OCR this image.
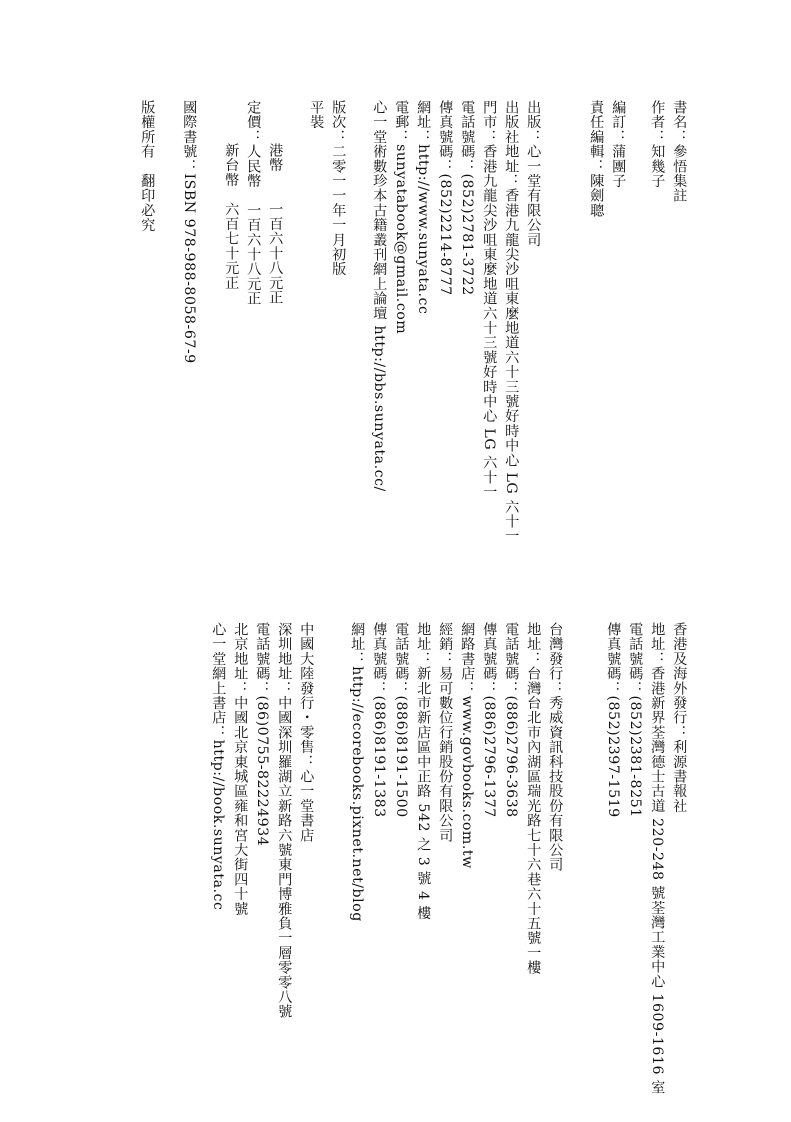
書名：參悟集註
作者：知幾子
編訂：蒲團子
責任編輯：陳劍聰
出版：心一堂有限公司
出版社地址：香港九龍尖沙咀東麼地道六十三號好時中心 LG 六十一
門市：香港九龍尖沙咀東麼地道六十三號好時中心 LG 六十一
電話號碼：(852)2781-3722
傳真號碼：(852)2214-8777
網址：http://www.sunyata.cc
電郵：sunyatabook@gmail.com
心一堂術數珍本古籍叢刊網上論壇 http://bbs.sunyata.cc/
版次：二零一一年一月初版
平裝
港幣　　一百六十八元正
定價：人民幣　一百六十八元正
新台幣　六百七十元正
國際書號：ISBN 978-988-8058-67-9
版權所有　翻印必究
香港及海外發行：利源書報社
地址：香港新界荃灣德士古道 220-248 號荃灣工業中心 1609-1616 室
電話號碼：(852)2381-8251
傳真號碼：(852)2397-1519
台灣發行：秀威資訊科技股份有限公司
地址：台灣台北市內湖區瑞光路七十六巷六十五號一樓
電話號碼：(886)2796-3638
傳真號碼：(886)2796-1377
網路書店：www.govbooks.com.tw
經銷：易可數位行銷股份有限公司
地址：新北市新店區中正路 542 之 3 號 4 樓
電話號碼：(886)8191-1500
傳真號碼：(886)8191-1383
網址：http://ecorebooks.pixnet.net/blog
中國大陸發行・零售：心一堂書店
深圳地址：中國深圳羅湖立新路六號東門博雅負一層零零八號
電話號碼：(86)0755-82224934
北京地址：中國北京東城區雍和宮大街四十號
心一堂網上書店：http://book.sunyata.cc
